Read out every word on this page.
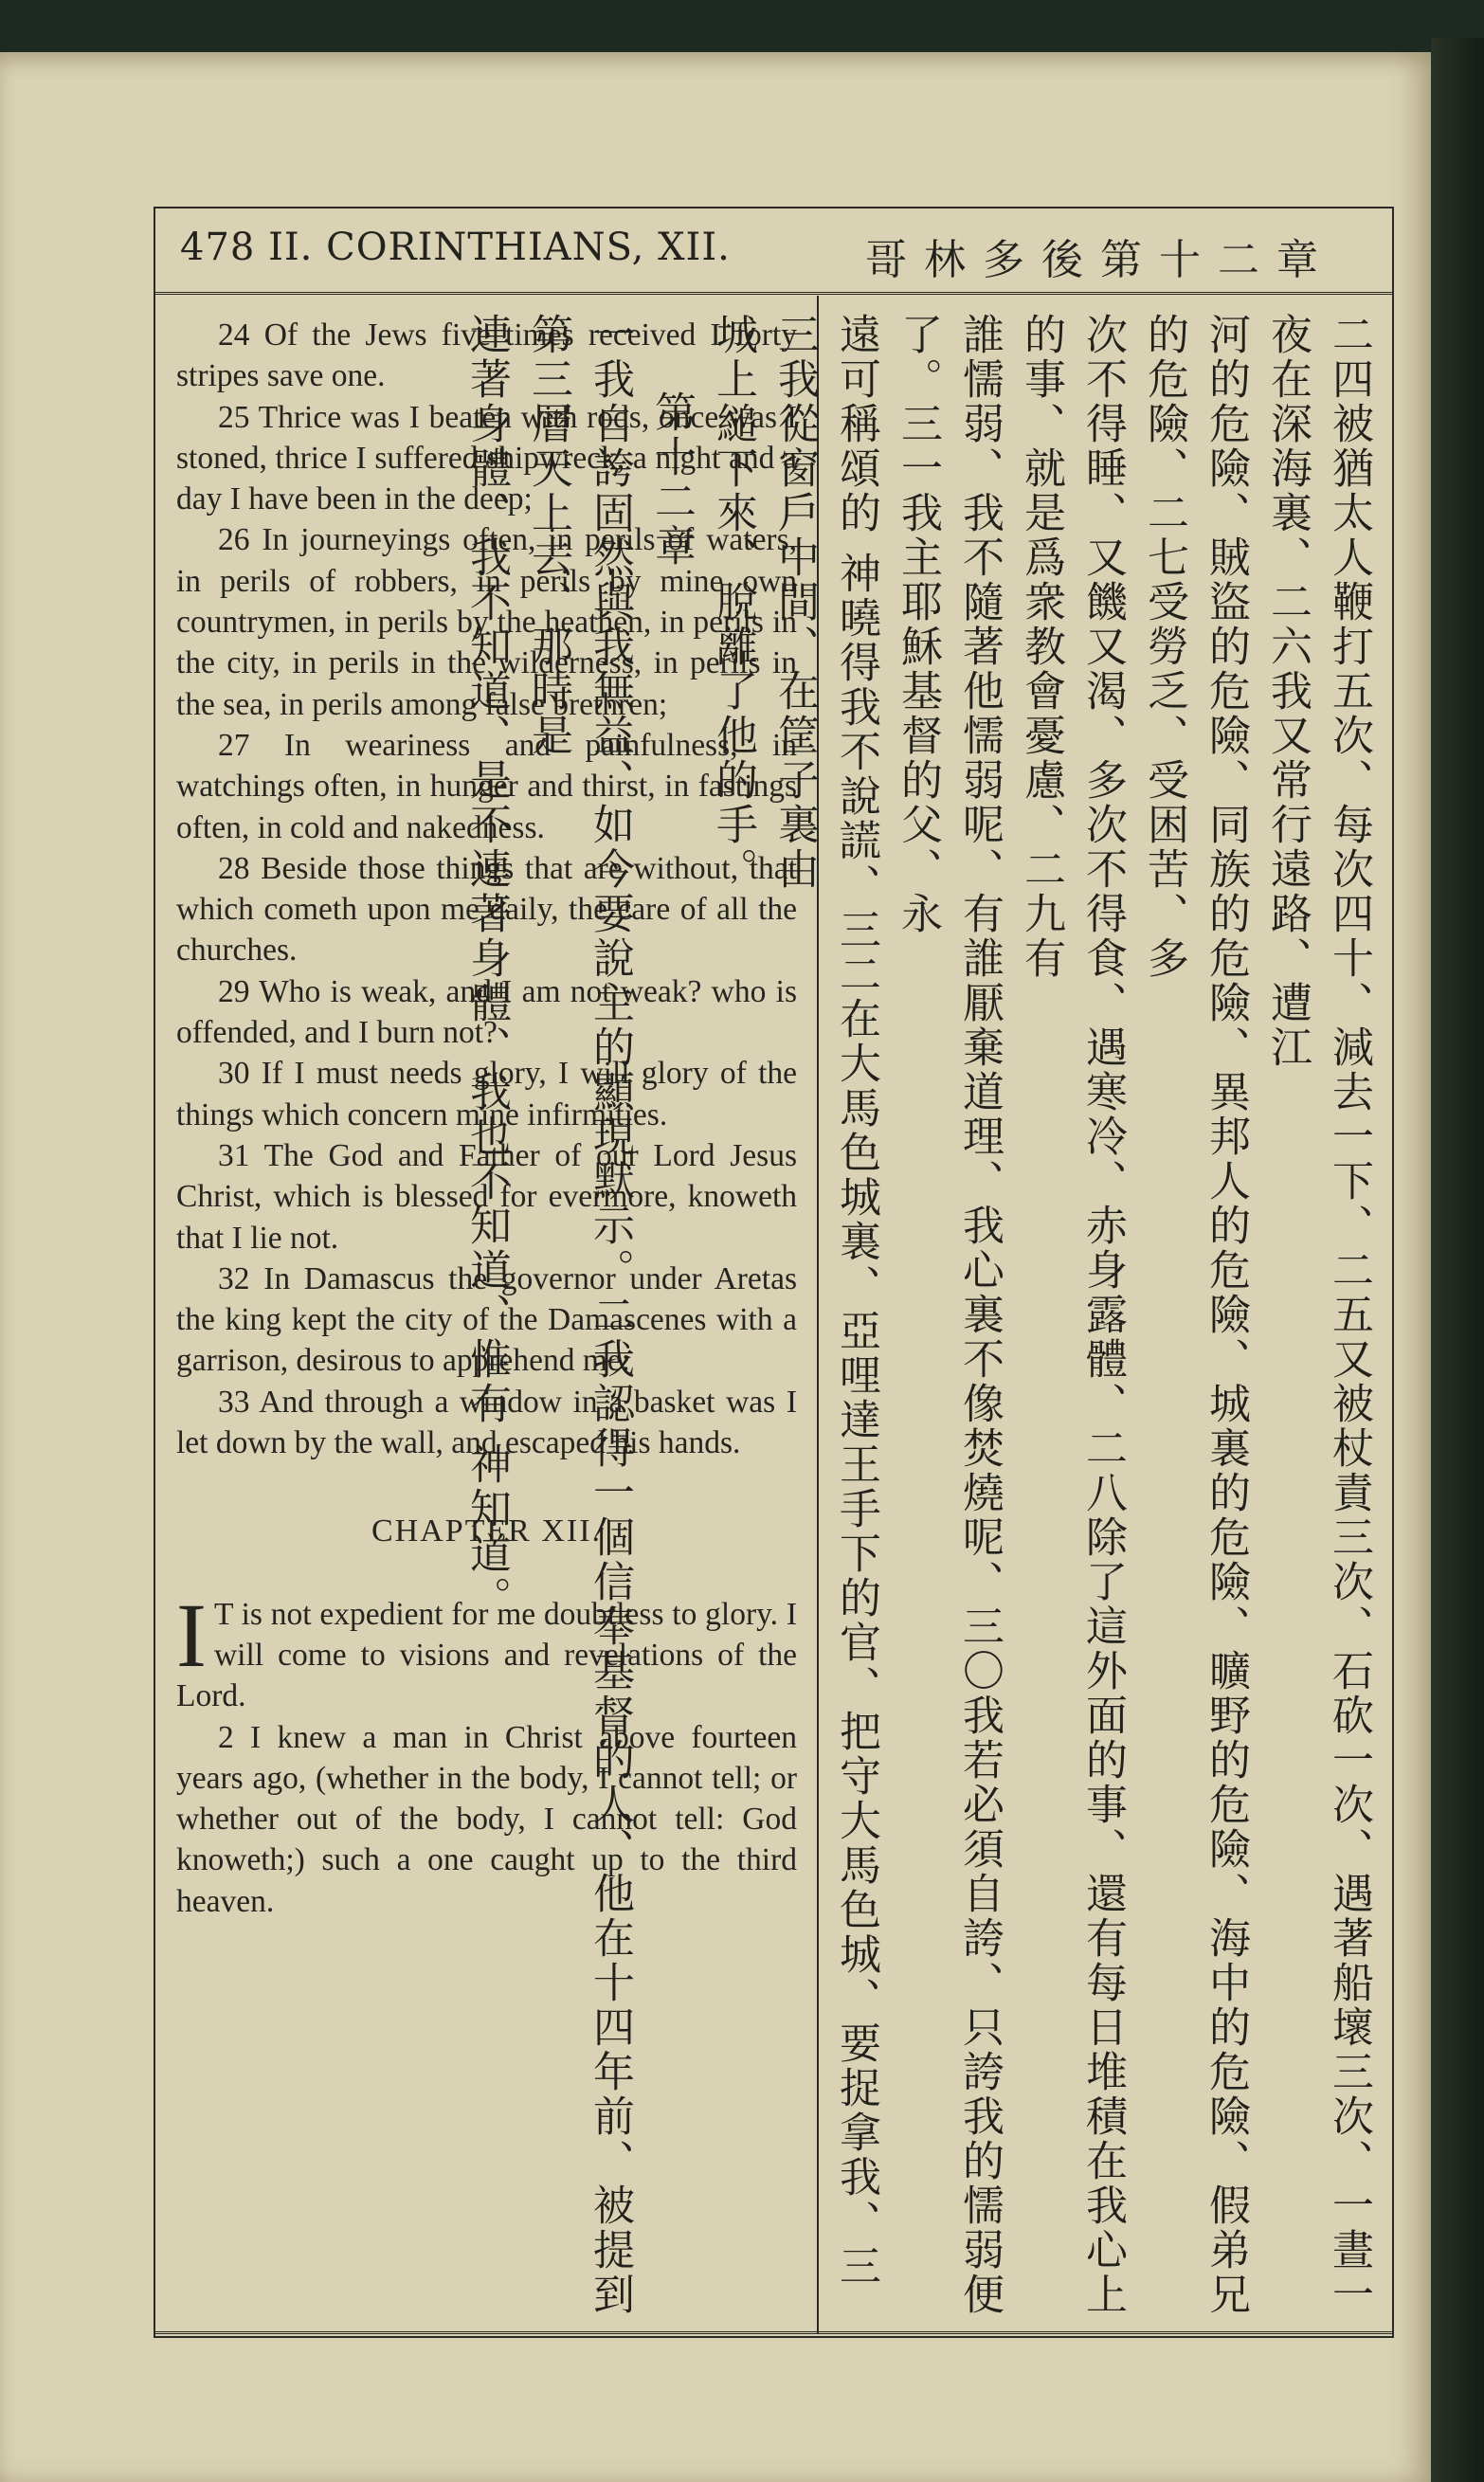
478 II. CORINTHIANS, XII.	哥林多後第十二章

24 Of the Jews five times received I forty stripes save one.

25 Thrice was I beaten with rods, once was I stoned, thrice I suffered shipwreck, a night and a day I have been in the deep;

26 In journeyings often, in perils of waters, in perils of robbers, in perils by mine own countrymen, in perils by the heathen, in perils in the city, in perils in the wilderness, in perils in the sea, in perils among false brethren;

27 In weariness and painfulness, in watchings often, in hunger and thirst, in fastings often, in cold and nakedness.

28 Beside those things that are without, that which cometh upon me daily, the care of all the churches.

29 Who is weak, and I am not weak? who is offended, and I burn not?

30 If I must needs glory, I will glory of the things which concern mine infirmities.

31 The God and Father of our Lord Jesus Christ, which is blessed for evermore, knoweth that I lie not.

32 In Damascus the governor under Aretas the king kept the city of the Damascenes with a garrison, desirous to apprehend me:

33 And through a window in a basket was I let down by the wall, and escaped his hands.

CHAPTER XII.

I T is not expedient for me doubtless to glory. I will come to visions and revelations of the Lord.

2 I knew a man in Christ above fourteen years ago, (whether in the body, I cannot tell; or whether out of the body, I cannot tell: God knoweth;) such a one caught up to the third heaven.	二四被猶太人鞭打五次、每次四十、減去一下、二五又被杖責三次、石砍一次、遇著船壞三次、一晝一夜在深海裏、二六我又常行遠路、遭江

河的危險、賊盜的危險、同族的危險、異邦人的危險、城裏的危險、曠野的危險、海中的危險、假弟兄的危險、二七受勞乏、受困苦、多

次不得睡、又饑又渴、多次不得食、遇寒冷、赤身露體、二八除了這外面的事、還有每日堆積在我心上的事、就是爲衆教會憂慮、二九有

誰懦弱、我不隨著他懦弱呢、有誰厭棄道理、我心裏不像焚燒呢、三〇我若必須自誇、只誇我的懦弱便了。三一我主耶穌基督的父、永

遠可稱頌的 神曉得我不說謊、三二在大馬色城裏、亞哩達王手下的官、把守大馬色城、要捉拿我、三三我從窗戶中間、在筐子裏由

城上縋下來、脫離了他的手。

第十二章

一我自誇固然與我無益、如今要說主的顯現默示。二我認得一個信奉基督的人、他在十四年前、被提到第三層天上去、那時是

連著身體、我不知道、是不連著身體、我也不知道、惟有 神知道。
